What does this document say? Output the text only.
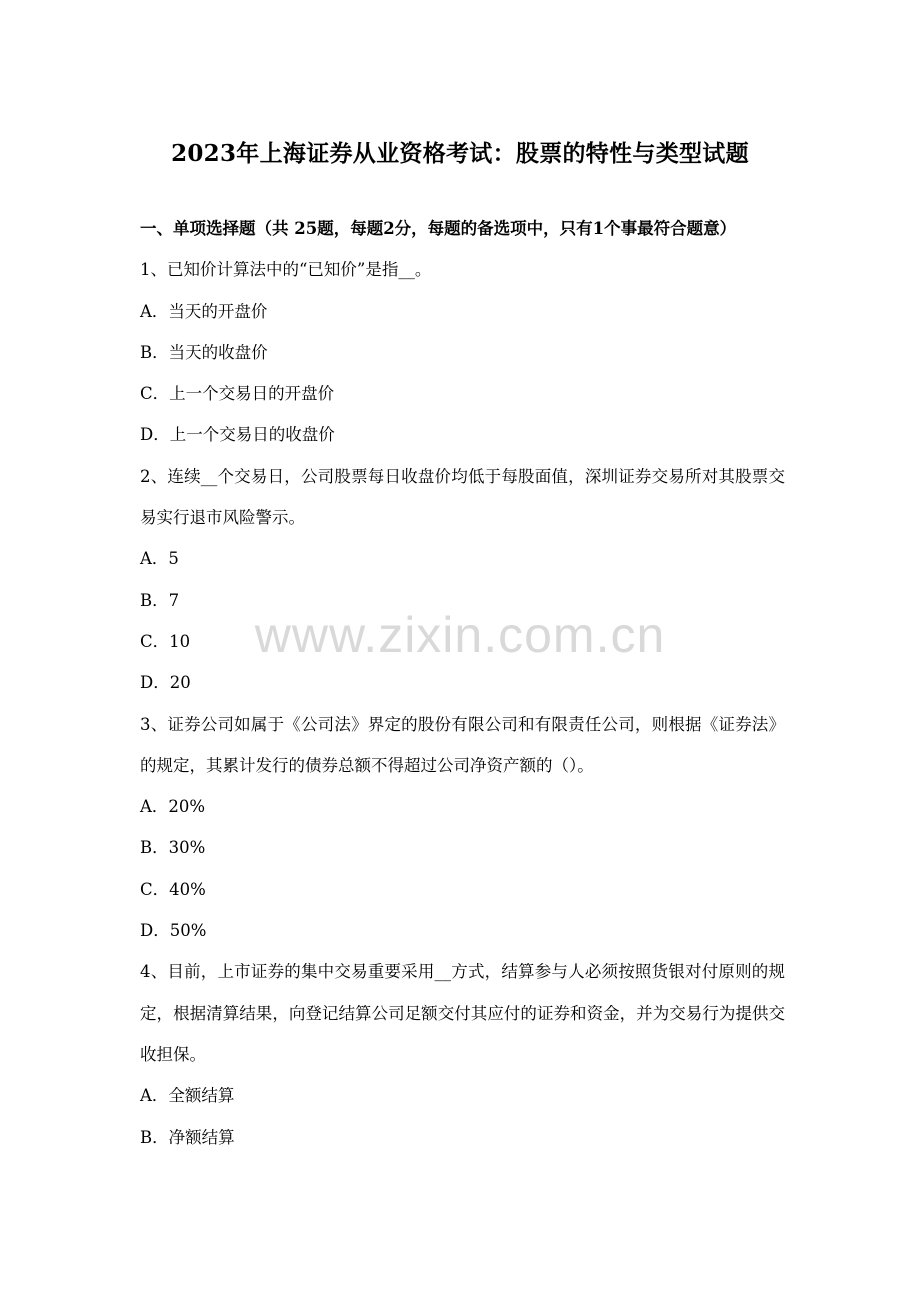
2023年上海证券从业资格考试：股票的特性与类型试题

一、单项选择题（共 25题，每题2分，每题的备选项中，只有1个事最符合题意）

1、已知价计算法中的“已知价”是指__。

A．当天的开盘价

B．当天的收盘价

C．上一个交易日的开盘价

D．上一个交易日的收盘价

2、连续__个交易日，公司股票每日收盘价均低于每股面值，深圳证券交易所对其股票交易实行退市风险警示。

A．5

B．7

C．10

D．20

3、证券公司如属于《公司法》界定的股份有限公司和有限责任公司，则根据《证券法》的规定，其累计发行的债券总额不得超过公司净资产额的（）。

A．20%

B．30%

C．40%

D．50%

4、目前，上市证券的集中交易重要采用__方式，结算参与人必须按照货银对付原则的规定，根据清算结果，向登记结算公司足额交付其应付的证券和资金，并为交易行为提供交收担保。

A．全额结算

B．净额结算

www.zixin.com.cn
